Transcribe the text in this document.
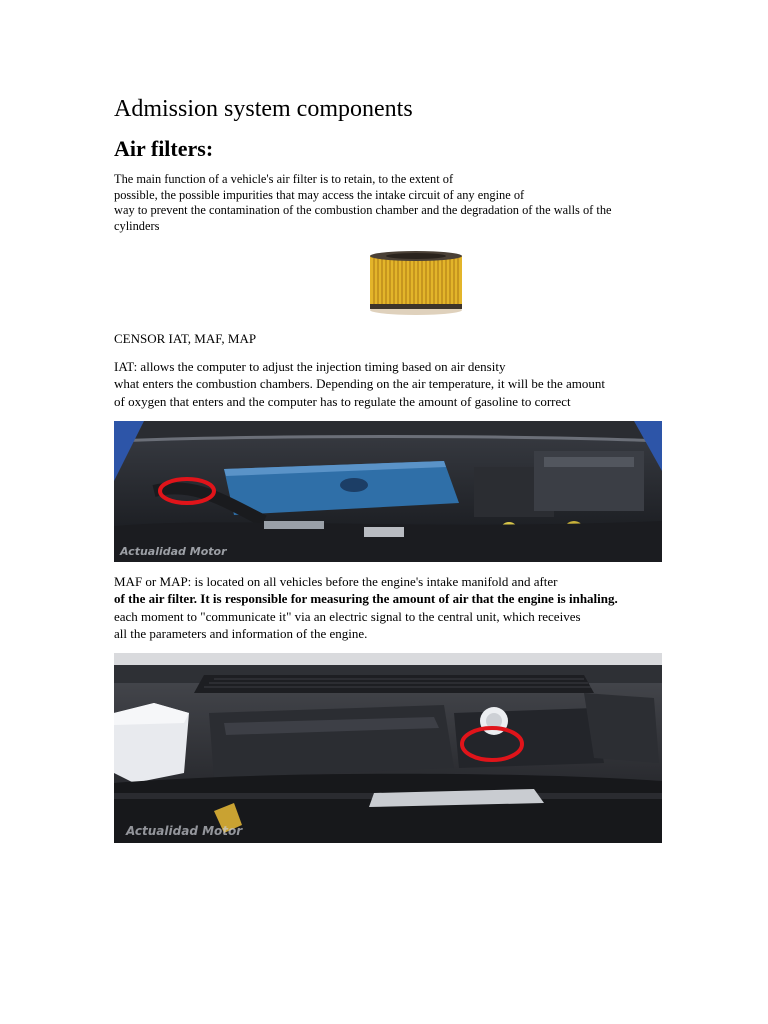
Admission system components
Air filters:
The main function of a vehicle's air filter is to retain, to the extent of
possible, the possible impurities that may access the intake circuit of any engine of
way to prevent the contamination of the combustion chamber and the degradation of the walls of the
cylinders
CENSOR IAT, MAF, MAP
IAT: allows the computer to adjust the injection timing based on air density
what enters the combustion chambers. Depending on the air temperature, it will be the amount
of oxygen that enters and the computer has to regulate the amount of gasoline to correct
Actualidad Motor
MAF or MAP: is located on all vehicles before the engine's intake manifold and after
of the air filter. It is responsible for measuring the amount of air that the engine is inhaling.
each moment to "communicate it" via an electric signal to the central unit, which receives
all the parameters and information of the engine.
Actualidad Motor
